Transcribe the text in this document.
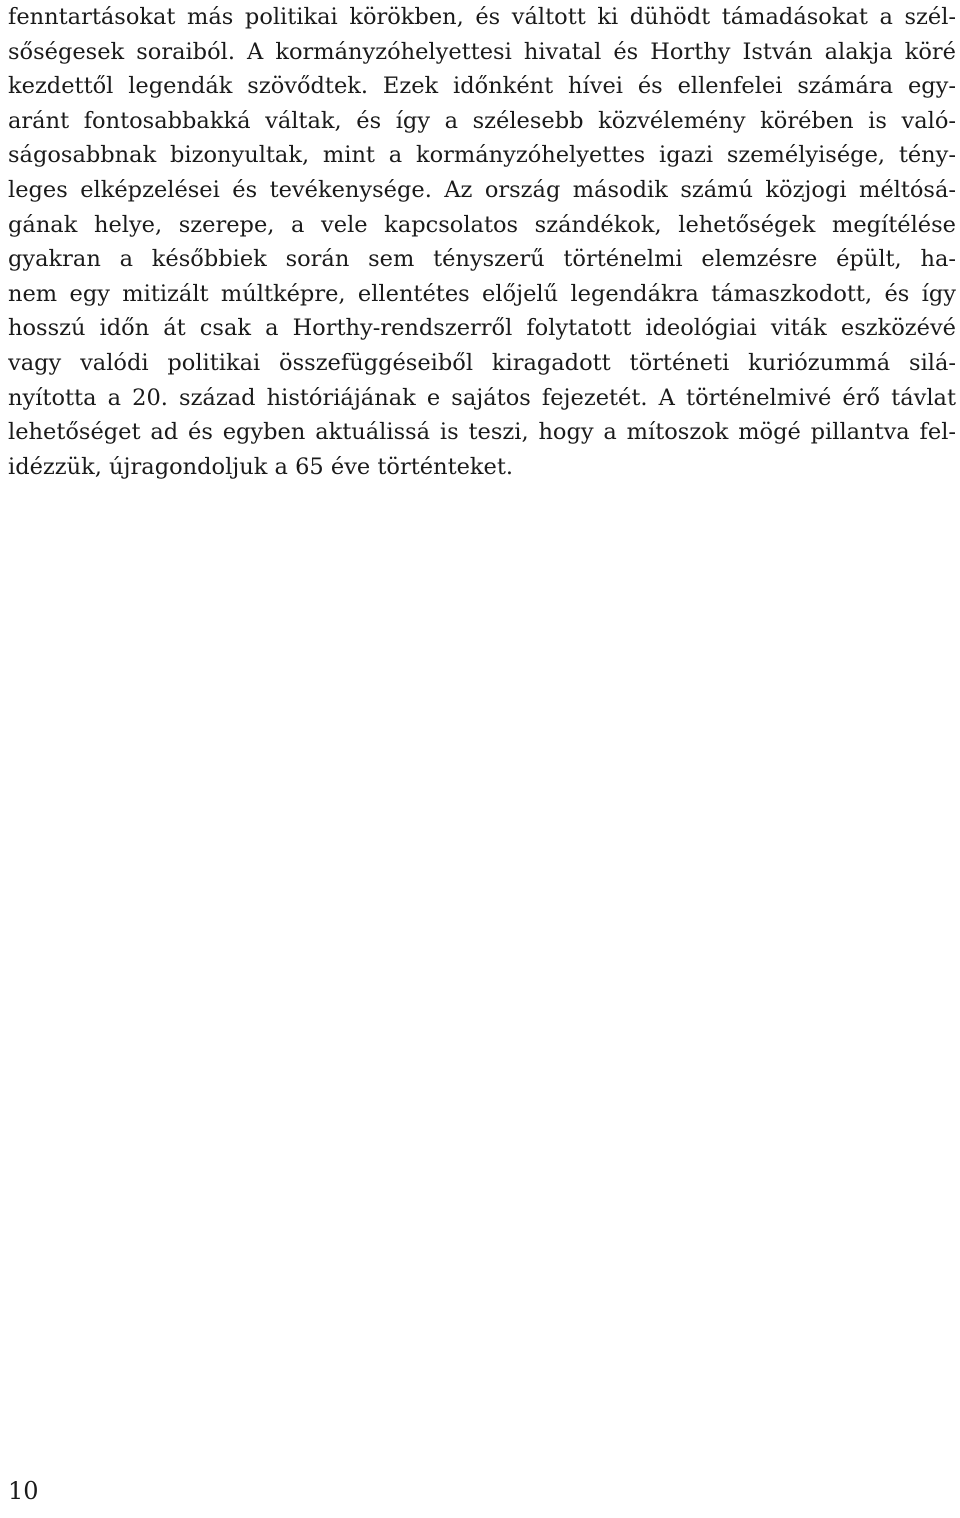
fenntartásokat más politikai körökben, és váltott ki dühödt támadásokat a szél-
sőségesek soraiból. A kormányzóhelyettesi hivatal és Horthy István alakja köré
kezdettől legendák szövődtek. Ezek időnként hívei és ellenfelei számára egy-
aránt fontosabbakká váltak, és így a szélesebb közvélemény körében is való-
ságosabbnak bizonyultak, mint a kormányzóhelyettes igazi személyisége, tény-
leges elképzelései és tevékenysége. Az ország második számú közjogi méltósá-
gának helye, szerepe, a vele kapcsolatos szándékok, lehetőségek megítélése
gyakran a későbbiek során sem tényszerű történelmi elemzésre épült, ha-
nem egy mitizált múltképre, ellentétes előjelű legendákra támaszkodott, és így
hosszú időn át csak a Horthy-rendszerről folytatott ideológiai viták eszközévé
vagy valódi politikai összefüggéseiből kiragadott történeti kuriózummá silá-
nyította a 20. század históriájának e sajátos fejezetét. A történelmivé érő távlat
lehetőséget ad és egyben aktuálissá is teszi, hogy a mítoszok mögé pillantva fel-
idézzük, újragondoljuk a 65 éve történteket.
10
